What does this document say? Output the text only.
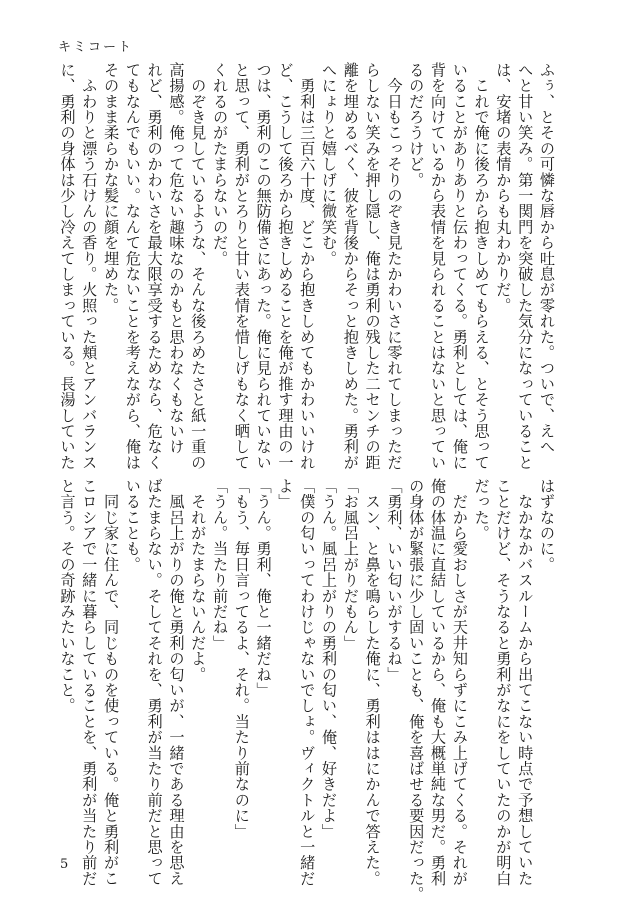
キミコート

ふぅ、とその可憐な唇から吐息が零れた。ついで、えへ

へと甘い笑み。第一関門を突破した気分になっていること

は、安堵の表情からも丸わかりだ。

　これで俺に後ろから抱きしめてもらえる、とそう思って

いることがありありと伝わってくる。勇利としては、俺に

背を向けているから表情を見られることはないと思ってい

るのだろうけど。

　今日もこっそりのぞき見たかわいさに零れてしまっただ

らしない笑みを押し隠し、俺は勇利の残した二センチの距

離を埋めるべく、彼を背後からそっと抱きしめた。勇利が

へにょりと嬉しげに微笑む。

　勇利は三百六十度、どこから抱きしめてもかわいいけれ

ど、こうして後ろから抱きしめることを俺が推す理由の一

つは、勇利のこの無防備さにあった。俺に見られていない

と思って、勇利がとろりと甘い表情を惜しげもなく晒して

くれるのがたまらないのだ。

　のぞき見しているような、そんな後ろめたさと紙一重の

高揚感。俺って危ない趣味なのかもと思わなくもないけ

れど、勇利のかわいさを最大限享受するためなら、危なく

てもなんでもいい。なんて危ないことを考えながら、俺は

そのまま柔らかな髪に顔を埋めた。

　ふわりと漂う石けんの香り。火照った頬とアンバランス

に、勇利の身体は少し冷えてしまっている。長湯していた

はずなのに。

　なかなかバスルームから出てこない時点で予想していた

ことだけど、そうなると勇利がなにをしていたのかが明白

だった。

　だから愛おしさが天井知らずにこみ上げてくる。それが

俺の体温に直結しているから、俺も大概単純な男だ。勇利

の身体が緊張に少し固いことも、俺を喜ばせる要因だった。

「勇利、いい匂いがするね」

　スン、と鼻を鳴らした俺に、勇利ははにかんで答えた。

「お風呂上がりだもん」

「うん。風呂上がりの勇利の匂い、俺、好きだよ」

「僕の匂いってわけじゃないでしょ。ヴィクトルと一緒だ

よ」

「うん。勇利、俺と一緒だね」

「もう、毎日言ってるよ、それ。当たり前なのに」

「うん。当たり前だね」

　それがたまらないんだよ。

　風呂上がりの俺と勇利の匂いが、一緒である理由を思え

ばたまらない。そしてそれを、勇利が当たり前だと思って

いることも。

　同じ家に住んで、同じものを使っている。俺と勇利がこ

こロシアで一緒に暮らしていることを、勇利が当たり前だ

と言う。その奇跡みたいなこと。

5
